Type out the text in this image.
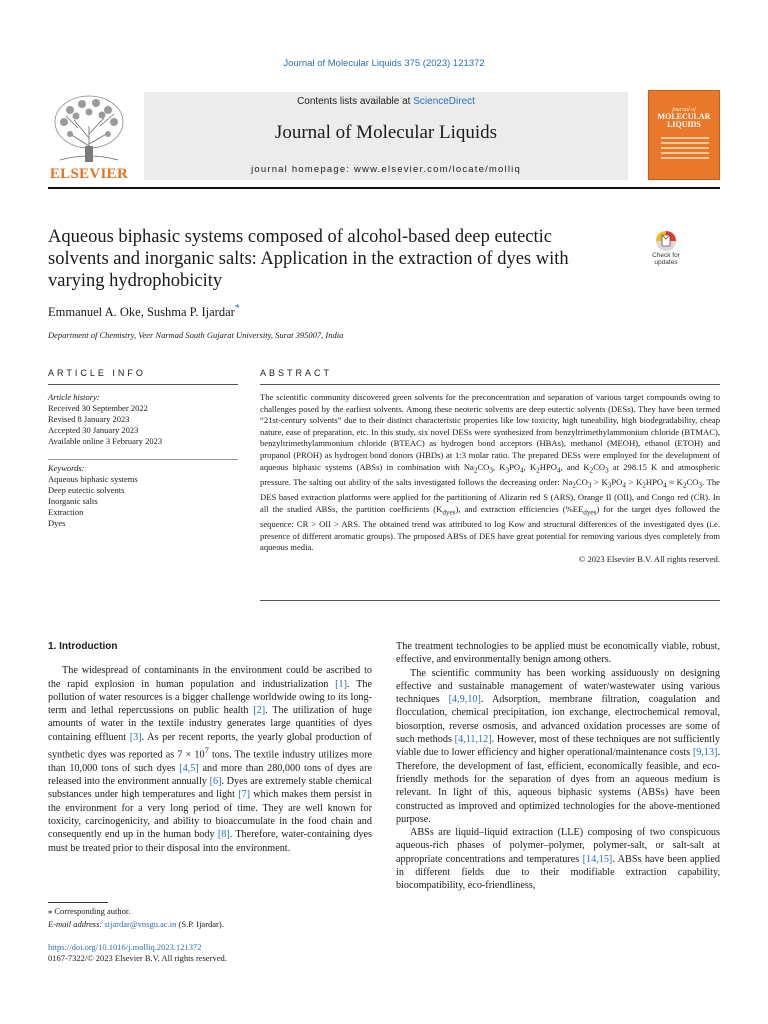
Journal of Molecular Liquids 375 (2023) 121372
ELSEVIER
Contents lists available at ScienceDirect
Journal of Molecular Liquids
journal homepage: www.elsevier.com/locate/molliq
journal of
MOLECULAR LIQUIDS
Aqueous biphasic systems composed of alcohol-based deep eutectic solvents and inorganic salts: Application in the extraction of dyes with varying hydrophobicity
Check for updates
Emmanuel A. Oke, Sushma P. Ijardar*
Department of Chemistry, Veer Narmad South Gujarat University, Surat 395007, India
ARTICLE INFO	ABSTRACT
Article history:
Received 30 September 2022
Revised 8 January 2023
Accepted 30 January 2023
Available online 3 February 2023
Keywords:
Aqueous biphasic systems
Deep eutectic solvents
Inorganic salts
Extraction
Dyes

The scientific community discovered green solvents for the preconcentration and separation of various target compounds owing to challenges posed by the earliest solvents. Among these neoteric solvents are deep eutectic solvents (DESs). They have been termed “21st-century solvents” due to their distinct characteristic properties like low toxicity, high tuneability, high biodegradability, cheap nature, ease of preparation, etc. In this study, six novel DESs were synthesized from benzyltrimethylammonium chloride (BTMAC), benzyltrimethylammonium chloride (BTEAC) as hydrogen bond acceptors (HBAs), methanol (MEOH), ethanol (ETOH) and propanol (PROH) as hydrogen bond donors (HBDs) at 1:3 molar ratio. The prepared DESs were employed for the development of aqueous biphasic systems (ABSs) in combination with $Na_2CO_3$, $K_3PO_4$, $K_2HPO_4$, and $K_2CO_3$ at 298.15 K and atmospheric pressure. The salting out ability of the salts investigated follows the decreasing order: $Na_2CO_3 > K_3PO_4 > K_2HPO_4 \approx K_2CO_3$. The DES based extraction platforms were applied for the partitioning of Alizarin red S (ARS), Orange II (OII), and Congo red (CR). In all the studied ABSs, the partition coefficients $(K_{dyes})$, and extraction efficiencies $(\%EE_{dyes})$ for the target dyes followed the sequence: CR > OII > ARS. The obtained trend was attributed to log Kow and structural differences of the investigated dyes (i.e. presence of different aromatic groups). The proposed ABSs of DES have great potential for removing various dyes completely from aqueous media.

© 2023 Elsevier B.V. All rights reserved.

1. Introduction

The widespread of contaminants in the environment could be ascribed to the rapid explosion in human population and industrialization [1]. The pollution of water resources is a bigger challenge worldwide owing to its long-term and lethal repercussions on public health [2]. The utilization of huge amounts of water in the textile industry generates large quantities of dyes containing effluent [3]. As per recent reports, the yearly global production of synthetic dyes was reported as $7 \times 10^7$ tons. The textile industry utilizes more than 10,000 tons of such dyes [4,5] and more than 280,000 tons of dyes are released into the environment annually [6]. Dyes are extremely stable chemical substances under high temperatures and light [7] which makes them persist in the environment for a very long period of time. They are well known for toxicity, carcinogenicity, and ability to bioaccumulate in the food chain and consequently end up in the human body [8]. Therefore, water-containing dyes must be treated prior to their disposal into the environment.

The treatment technologies to be applied must be economically viable, robust, effective, and environmentally benign among others.

The scientific community has been working assiduously on designing effective and sustainable management of water/wastewater using various techniques [4,9,10]. Adsorption, membrane filtration, coagulation and flocculation, chemical precipitation, ion exchange, electrochemical removal, biosorption, reverse osmosis, and advanced oxidation processes are some of such methods [4,11,12]. However, most of these techniques are not sufficiently viable due to lower efficiency and higher operational/maintenance costs [9,13]. Therefore, the development of fast, efficient, economically feasible, and eco-friendly methods for the separation of dyes from an aqueous medium is relevant. In light of this, aqueous biphasic systems (ABSs) have been constructed as improved and optimized technologies for the above-mentioned purpose.

ABSs are liquid–liquid extraction (LLE) composing of two conspicuous aqueous-rich phases of polymer–polymer, polymer-salt, or salt-salt at appropriate concentrations and temperatures [14,15]. ABSs have been applied in different fields due to their modifiable extraction capability, biocompatibility, eco-friendliness,

⁎ Corresponding author.
E-mail address: sijardar@vnsgu.ac.in (S.P. Ijardar).
https://doi.org/10.1016/j.molliq.2023.121372
0167-7322/© 2023 Elsevier B.V. All rights reserved.
